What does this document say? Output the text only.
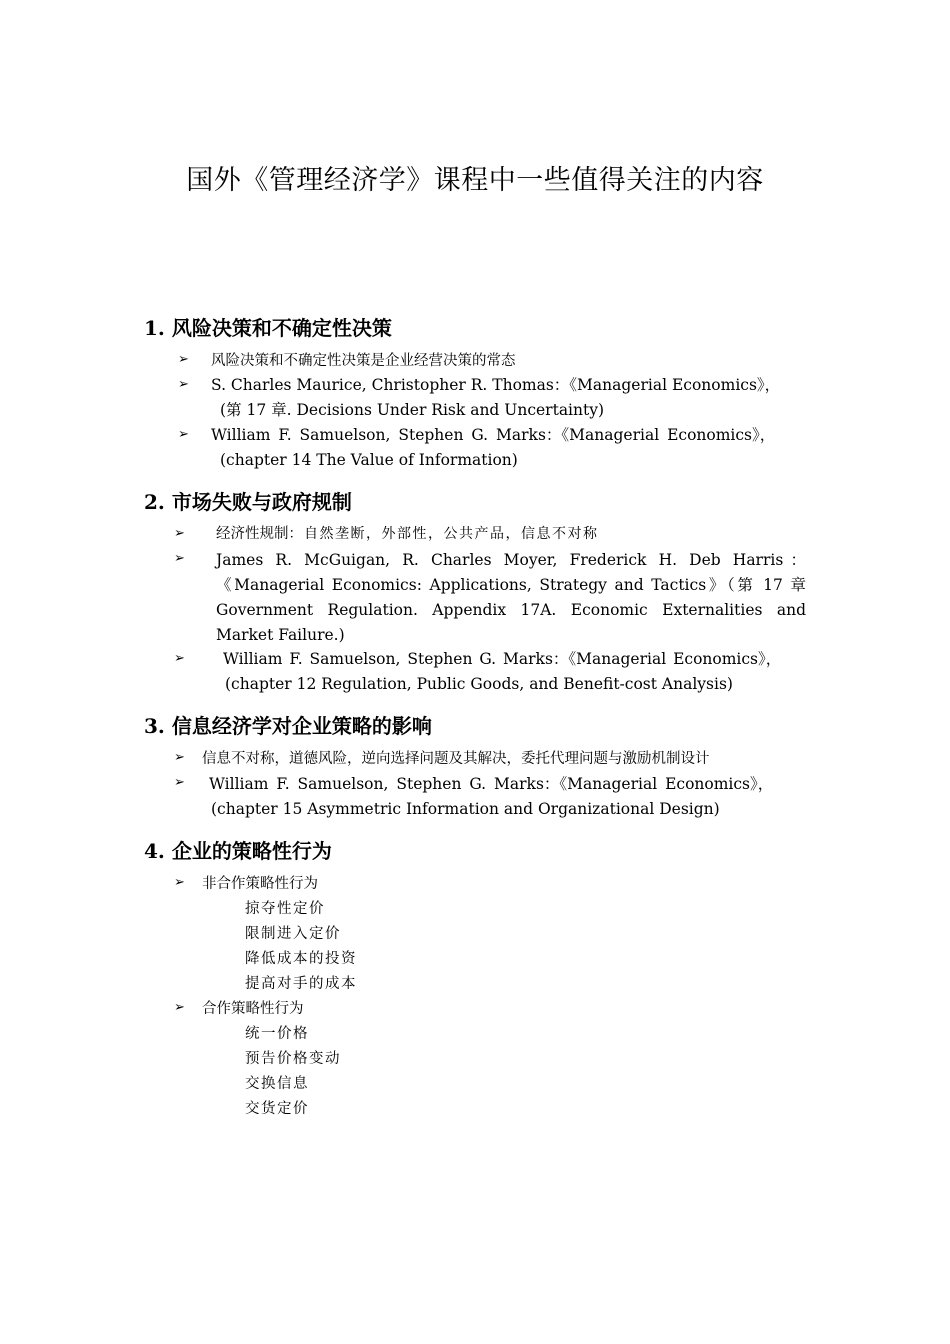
国外《管理经济学》课程中一些值得关注的内容
1. 风险决策和不确定性决策
➢ 风险决策和不确定性决策是企业经营决策的常态
➢ S. Charles Maurice, Christopher R. Thomas：《Managerial Economics》，
(第 17 章. Decisions Under Risk and Uncertainty)
➢ William F. Samuelson, Stephen G. Marks：《Managerial Economics》，
(chapter 14 The Value of Information)
2. 市场失败与政府规制
➢ 经济性规制：自然垄断，外部性，公共产品，信息不对称
➢ James R. McGuigan, R. Charles Moyer, Frederick H. Deb Harris：
《Managerial Economics: Applications, Strategy and Tactics》（第 17 章
Government Regulation. Appendix 17A. Economic Externalities and
Market Failure.)
➢ William F. Samuelson, Stephen G. Marks：《Managerial Economics》，
(chapter 12 Regulation, Public Goods, and Benefit-cost Analysis)
3. 信息经济学对企业策略的影响
➢ 信息不对称，道德风险，逆向选择问题及其解决，委托代理问题与激励机制设计
➢ William F. Samuelson, Stephen G. Marks：《Managerial Economics》，
(chapter 15 Asymmetric Information and Organizational Design)
4. 企业的策略性行为
➢ 非合作策略性行为
掠夺性定价
限制进入定价
降低成本的投资
提高对手的成本
➢ 合作策略性行为
统一价格
预告价格变动
交换信息
交货定价
